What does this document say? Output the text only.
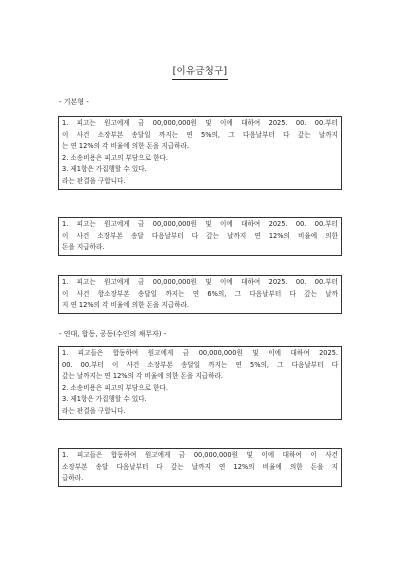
[이유금청구]
- 기본형 -
1. 피고는 원고에게 금 00,000,000원 및 이에 대하여 2025. 00. 00.부터
이 사건 소장부본 송달일 까지는 연 5%의, 그 다음날부터 다 갚는 날까지
는 연 12%의 각 비율에 의한 돈을 지급하라.
2. 소송비용은 피고의 부담으로 한다.
3. 제1항은 가집행할 수 있다.
라는 판결을 구합니다.
1. 피고는 원고에게 금 00,000,000원 및 이에 대하여 2025. 00. 00.부터
이 사건 소장부본 송달 다음날부터 다 갚는 날까지 연 12%의 비율에 의한
돈을 지급하라.
1. 피고는 원고에게 금 00,000,000원 및 이에 대하여 2025. 00. 00.부터
이 사건 항소장부본 송달일 까지는 연 6%의, 그 다음날부터 다 갚는 날까
지 연 12%의 각 비율에 의한 돈을 지급하라.
- 연대, 합동, 공동(수인의 채무자) -
1. 피고들은 합동하여 원고에게 금 00,000,000원 및 이에 대하여 2025.
00. 00.부터 이 사건 소장부본 송달일 까지는 연 5%의, 그 다음날부터 다
갚는 날까지는 연 12%의 각 비율에 의한 돈을 지급하라.
2. 소송비용은 피고의 부담으로 한다.
3. 제1항은 가집행할 수 있다.
라는 판결을 구합니다.
1. 피고들은 합동하여 원고에게 금 00,000,000원 및 이에 대하여 이 사건
소장부본 송달 다음날부터 다 갚는 날까지 연 12%의 비율에 의한 돈을 지
급하라.
